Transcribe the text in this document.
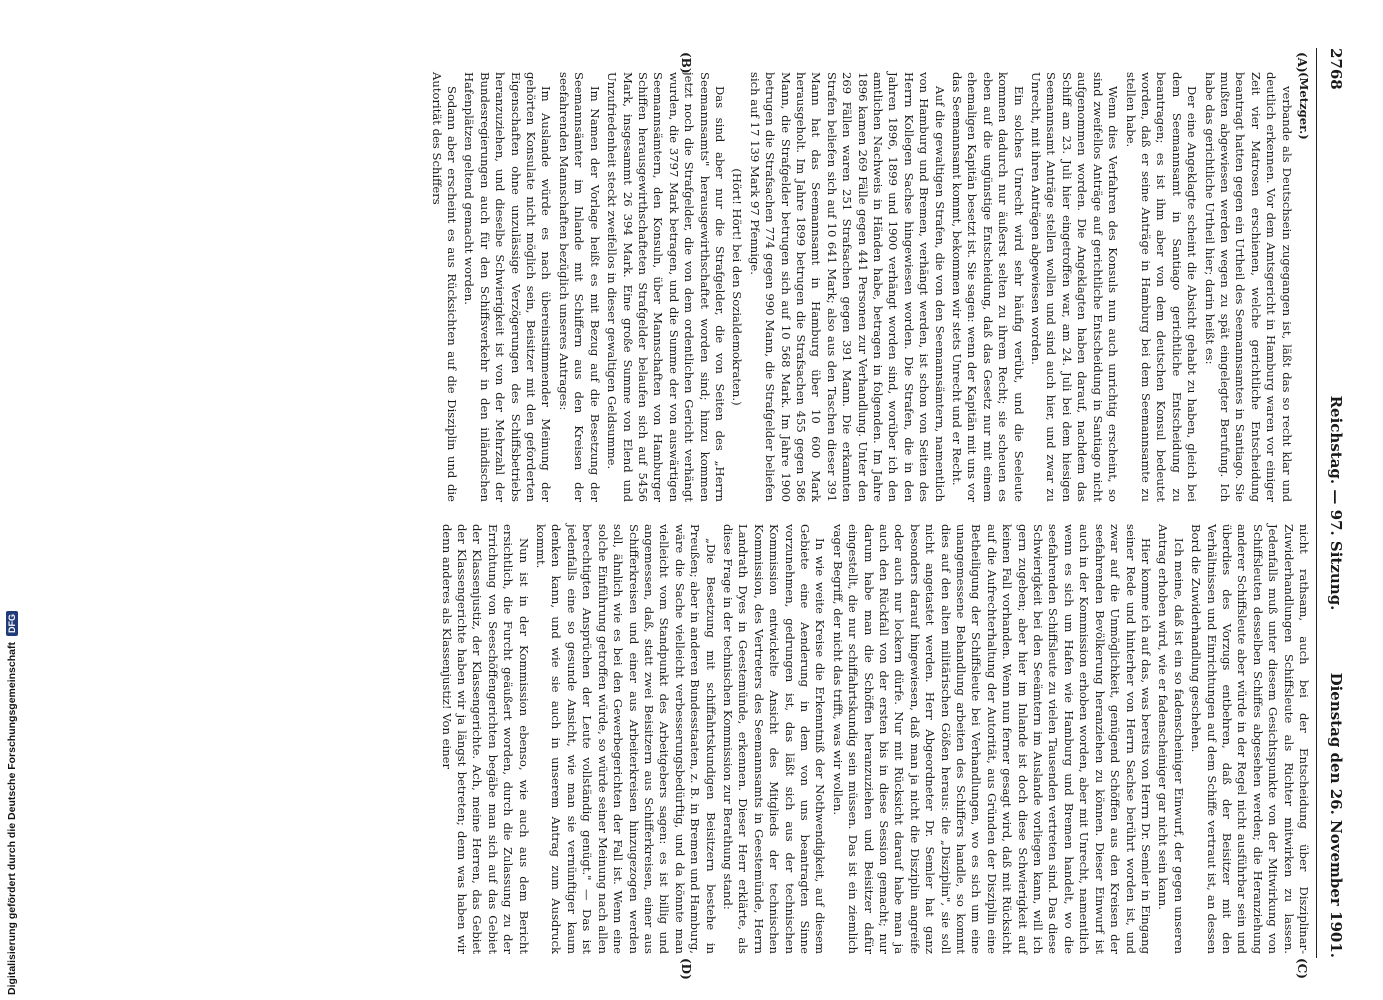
2768
Reichstag. — 97. Sitzung.
Dienstag den 26. November 1901.
(A)
(B)
(C)
(D)
(Metzger.)

verbande als Deutschsein zugegangen ist, läßt das so recht klar und deutlich erkennen. Vor dem Amtsgericht in Hamburg waren vor einiger Zeit vier Matrosen erschienen, welche gerichtliche Entscheidung beantragt hatten gegen ein Urtheil des Seemannsamtes in Santiago. Sie mußten abgewiesen werden wegen zu spät eingelegter Berufung. Ich habe das gerichtliche Urtheil hier; darin heißt es:

Der eine Angeklagte scheint die Absicht gehabt zu haben, gleich bei dem Seemannsamt in Santiago gerichtliche Entscheidung zu beantragen; es ist ihm aber von dem deutschen Konsul bedeutet worden, daß er seine Anträge in Hamburg bei dem Seemannsamte zu stellen habe.

Wenn dies Verfahren des Konsuls nun auch unrichtig erscheint, so sind zweifellos Anträge auf gerichtliche Entscheidung in Santiago nicht aufgenommen worden. Die Angeklagten haben darauf, nachdem das Schiff am 23. Juli hier eingetroffen war, am 24. Juli bei dem hiesigen Seemannsamt Anträge stellen wollen und sind auch hier, und zwar zu Unrecht, mit ihren Anträgen abgewiesen worden.

Ein solches Unrecht wird sehr häufig verübt, und die Seeleute kommen dadurch nur äußerst selten zu ihrem Recht; sie scheuen es eben auf die ungünstige Entscheidung, daß das Gesetz nur mit einem ehemaligen Kapitän besetzt ist. Sie sagen: wenn der Kapitän mit uns vor das Seemannsamt kommt, bekommen wir stets Unrecht und er Recht.

Auf die gewaltigen Strafen, die von den Seemannsämtern, namentlich von Hamburg und Bremen, verhängt werden, ist schon von Seiten des Herrn Kollegen Sachse hingewiesen worden. Die Strafen, die in den Jahren 1896, 1899 und 1900 verhängt worden sind, worüber ich den amtlichen Nachweis in Händen habe, betragen in folgenden. Im Jahre 1896 kamen 269 Fälle gegen 441 Personen zur Verhandlung. Unter den 269 Fällen waren 251 Strafsachen gegen 391 Mann. Die erkannten Strafen beliefen sich auf 10 641 Mark; also aus den Taschen dieser 391 Mann hat das Seemannsamt in Hamburg über 10 600 Mark herausgeholt. Im Jahre 1899 betrugen die Strafsachen 455 gegen 586 Mann, die Strafgelder betrugen sich auf 10 568 Mark. Im Jahre 1900 betrugen die Strafsachen 774 gegen 990 Mann, die Strafgelder beliefen sich auf 17 139 Mark 97 Pfennige.

(Hört! Hört! bei den Sozialdemokraten.)

Das sind aber nur die Strafgelder, die von Seiten des „Herrn Seemannsamts" herausgewirthschaftet worden sind; hinzu kommen jetzt noch die Strafgelder, die von dem ordentlichen Gericht verhängt wurden, die 3797 Mark betragen, und die Summe der von auswärtigen Seemannsämtern, den Konsuln, über Mannschaften von Hamburger Schiffen herausgewirthschafteten Strafgelder belaufen sich auf 5456 Mark, insgesammt 26 394 Mark. Eine große Summe von Elend und Unzufriedenheit steckt zweifellos in dieser gewaltigen Geldsumme.

Im Namen der Vorlage heißt es mit Bezug auf die Besetzung der Seemannsämter im Inlande mit Schiffern aus den Kreisen der seefahrenden Mannschaften bezüglich unseres Antrages:

Im Auslande würde es nach übereinstimmender Meinung der gehörten Konsulate nicht möglich sein, Beisitzer mit den geforderten Eigenschaften ohne unzulässige Verzögerungen des Schiffsbetriebs heranzuziehen, und dieselbe Schwierigkeit ist von der Mehrzahl der Bundesregierungen auch für den Schiffsverkehr in den inländischen Hafenplätzen geltend gemacht worden.

Sodann aber erscheint es aus Rücksichten auf die Disziplin und die Autorität des Schiffers

nicht rathsam, auch bei der Entscheidung über Disziplinar-Zuwiderhandlungen Schiffsleute als Richter mitwirken zu lassen. Jedenfalls muß unter diesem Gesichtspunkte von der Mitwirkung von Schiffsleuten desselben Schiffes abgesehen werden; die Heranziehung anderer Schiffsleute aber würde in der Regel nicht ausführbar sein und überdies des Vorzugs entbehren, daß der Beisitzer mit den Verhältnissen und Einrichtungen auf dem Schiffe vertraut ist, an dessen Bord die Zuwiderhandlung geschehen.

Ich meine, daß ist ein so fadenscheiniger Einwurf, der gegen unseren Antrag erhoben wird, wie er fadenscheiniger gar nicht sein kann.

Hier komme ich auf das, was bereits von Herrn Dr. Semler in Eingang seiner Rede und hinterher von Herrn Sachse berührt worden ist, und zwar auf die Unmöglichkeit, genügend Schöffen aus den Kreisen der seefahrenden Bevölkerung heranziehen zu können. Dieser Einwurf ist auch in der Kommission erhoben worden, aber mit Unrecht, namentlich wenn es sich um Hafen wie Hamburg und Bremen handelt, wo die seefahrenden Schiffsleute zu vielen Tausenden vertreten sind. Das diese Schwierigkeit bei den Seeämtern im Auslande vorliegen kann, will ich gern zugeben; aber hier im Inlande ist doch diese Schwierigkeit auf keinen Fall vorhanden. Wenn nun ferner gesagt wird, daß mit Rücksicht auf die Aufrechterhaltung der Autorität, aus Gründen der Disziplin eine Betheiligung der Schiffsleute bei Verhandlungen, wo es sich um eine unangemessene Behandlung arbeiten des Schiffers handle, so kommt dies auf den alten militärischen Gößen heraus: die „Disziplin", sie soll nicht angetastet werden. Herr Abgeordneter Dr. Semler hat ganz besonders darauf hingewiesen, daß man ja nicht die Disziplin angreife oder auch nur lockern dürfe. Nur mit Rücksicht darauf habe man ja auch den Rückfall von der ersten bis in diese Session gemacht; nur darum habe man die Schöffen heranzuziehen und Beisitzer dafür eingestellt, die nur schiffahrtskundig sein müssen. Das ist ein ziemlich vager Begriff, der nicht das trifft, was wir wollen.

In wie weite Kreise die Erkenntniß der Nothwendigkeit, auf diesem Gebiete eine Aenderung in dem von uns beantragten Sinne vorzunehmen, gedrungen ist, das läßt sich aus der technischen Kommission entwickelte Ansicht des Mitglieds der technischen Kommission, des Vertreters des Seemannsamts in Geestemünde, Herrn Landrath Dyes in Geestemünde, erkennen. Dieser Herr erklärte, als diese Frage in der technischen Kommission zur Berathung stand:

„Die Besetzung mit schiffahrtskundigen Beisitzern bestehe in Preußen; aber in anderen Bundesstaaten, z. B. in Bremen und Hamburg, wäre die Sache vielleicht verbesserungsbedürftig, und da könnte man vielleicht vom Standpunkt des Arbeitgebers sagen: es ist billig und angemessen, daß, statt zwei Beisitzern aus Schifferkreisen, einer aus Schifferkreisen und einer aus Arbeiterkreisen hinzugezogen werden soll, ähnlich wie es bei den Gewerbegerichten der Fall ist. Wenn eine solche Einführung getroffen würde, so würde seiner Meinung nach allen berechtigten Ansprüchen der Leute vollständig genügt." — Das ist jedenfalls eine so gesunde Ansicht, wie man sie vernünftiger kaum denken kann, und wie sie auch in unserem Antrag zum Ausdruck kommt.

Nun ist in der Kommission ebenso, wie auch aus dem Bericht ersichtlich, die Furcht geäußert worden, durch die Zulassung zu der Errichtung von Seeschöffengerichten begäbe man sich auf das Gebiet der Klassenjustiz, der Klassengerichte. Ach, meine Herren, das Gebiet der Klassengerichte haben wir ja längst betreten; denn was haben wir denn anderes als Klassenjustiz! Von einer

Digitalisierung gefördert durch die Deutsche Forschungsgemeinschaft
DFG
